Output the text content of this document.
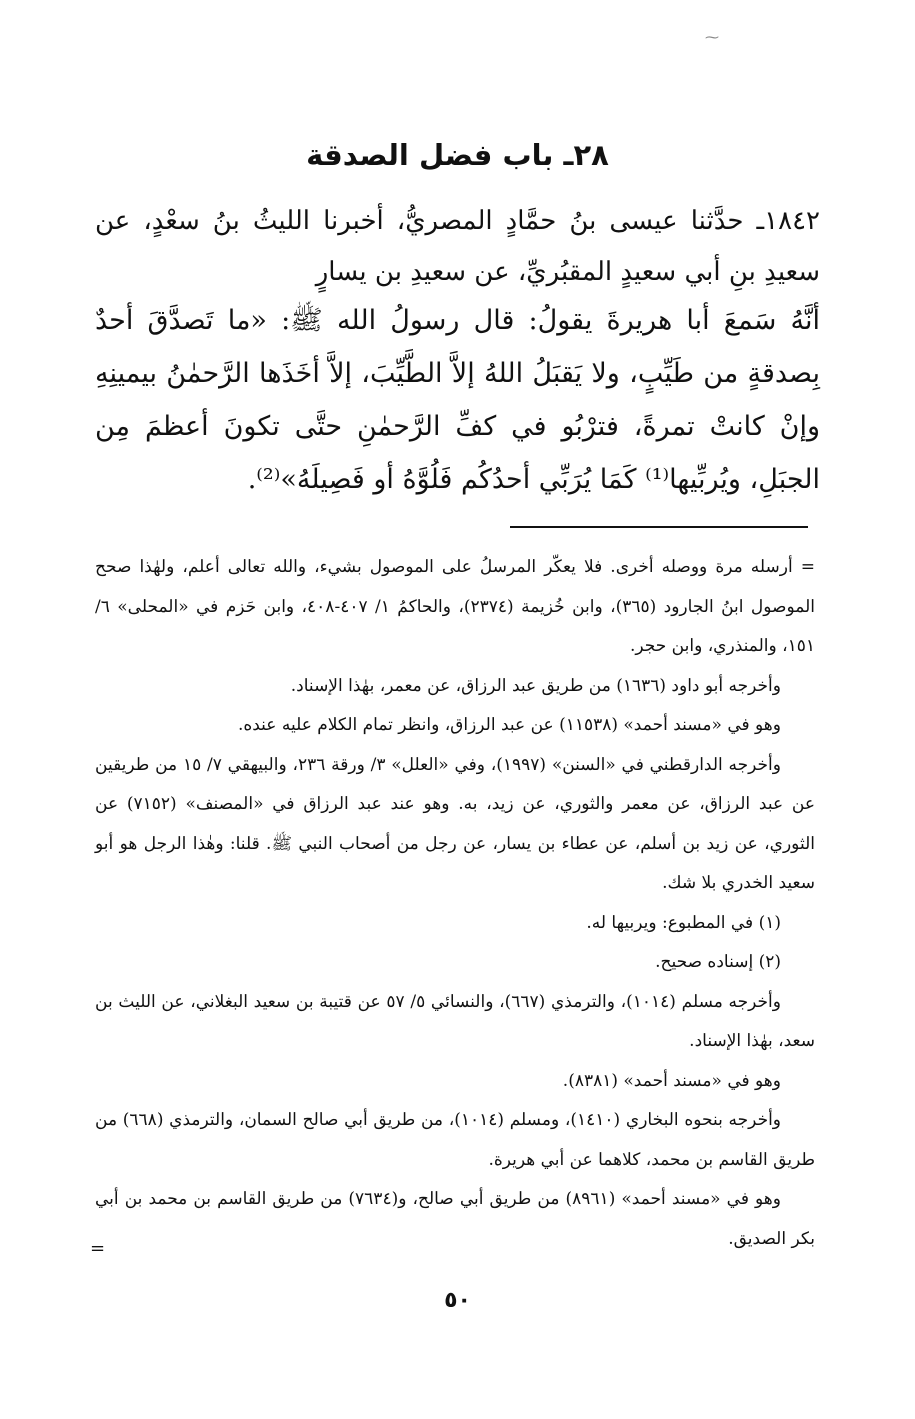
⁓
٢٨ـ باب فضل الصدقة
١٨٤٢ـ حدَّثنا عيسى بنُ حمَّادٍ المصريُّ، أخبرنا الليثُ بنُ سعْدٍ، عن سعيدِ بنِ أبي سعيدٍ المقبُريِّ، عن سعيدِ بن يسارٍ
أنَّهُ سَمعَ أبا هريرةَ يقولُ: قال رسولُ الله ﷺ: «ما تَصدَّقَ أحدٌ بِصدقةٍ من طَيِّبٍ، ولا يَقبَلُ اللهُ إلاَّ الطَّيِّبَ، إلاَّ أخَذَها الرَّحمٰنُ بيمينِهِ وإنْ كانتْ تمرةً، فترْبُو في كفِّ الرَّحمٰنِ حتَّى تكونَ أعظمَ مِن الجبَلِ، ويُربِّيها⁽¹⁾ كَمَا يُرَبِّي أحدُكُم فَلُوَّهُ أو فَصِيلَهُ»⁽²⁾.

= أرسله مرة ووصله أخرى. فلا يعكّر المرسلُ على الموصول بشيء، والله تعالى أعلم، ولهٰذا صحح الموصول ابنُ الجارود (٣٦٥)، وابن خُزيمة (٢٣٧٤)، والحاكمُ ١/ ٤٠٧-٤٠٨، وابن حَزم في «المحلى» ٦/ ١٥١، والمنذري، وابن حجر.

وأخرجه أبو داود (١٦٣٦) من طريق عبد الرزاق، عن معمر، بهٰذا الإسناد.

وهو في «مسند أحمد» (١١٥٣٨) عن عبد الرزاق، وانظر تمام الكلام عليه عنده.

وأخرجه الدارقطني في «السنن» (١٩٩٧)، وفي «العلل» ٣/ ورقة ٢٣٦، والبيهقي ٧/ ١٥ من طريقين عن عبد الرزاق، عن معمر والثوري، عن زيد، به. وهو عند عبد الرزاق في «المصنف» (٧١٥٢) عن الثوري، عن زيد بن أسلم، عن عطاء بن يسار، عن رجل من أصحاب النبي ﷺ. قلنا: وهٰذا الرجل هو أبو سعيد الخدري بلا شك.

(١) في المطبوع: ويربيها له.

(٢) إسناده صحيح.

وأخرجه مسلم (١٠١٤)، والترمذي (٦٦٧)، والنسائي ٥/ ٥٧ عن قتيبة بن سعيد البغلاني، عن الليث بن سعد، بهٰذا الإسناد.

وهو في «مسند أحمد» (٨٣٨١).

وأخرجه بنحوه البخاري (١٤١٠)، ومسلم (١٠١٤)، من طريق أبي صالح السمان، والترمذي (٦٦٨) من طريق القاسم بن محمد، كلاهما عن أبي هريرة.

وهو في «مسند أحمد» (٨٩٦١) من طريق أبي صالح، و(٧٦٣٤) من طريق القاسم بن محمد بن أبي بكر الصديق.

=
٥٠
